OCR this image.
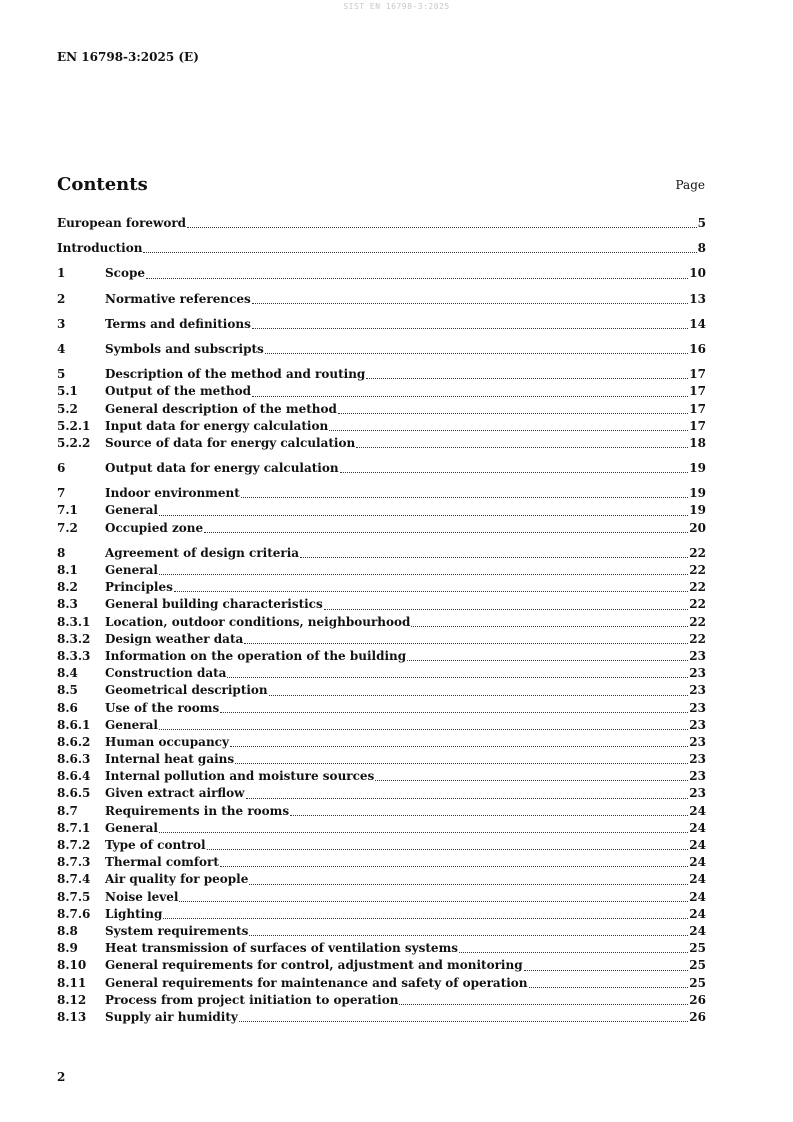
SIST EN 16798-3:2025
EN 16798-3:2025 (E)
Contents	Page
European foreword	5
Introduction	8
1	Scope	10
2	Normative references	13
3	Terms and definitions	14
4	Symbols and subscripts	16
5	Description of the method and routing	17
5.1	Output of the method	17
5.2	General description of the method	17
5.2.1	Input data for energy calculation	17
5.2.2	Source of data for energy calculation	18
6	Output data for energy calculation	19
7	Indoor environment	19
7.1	General	19
7.2	Occupied zone	20
8	Agreement of design criteria	22
8.1	General	22
8.2	Principles	22
8.3	General building characteristics	22
8.3.1	Location, outdoor conditions, neighbourhood	22
8.3.2	Design weather data	22
8.3.3	Information on the operation of the building	23
8.4	Construction data	23
8.5	Geometrical description	23
8.6	Use of the rooms	23
8.6.1	General	23
8.6.2	Human occupancy	23
8.6.3	Internal heat gains	23
8.6.4	Internal pollution and moisture sources	23
8.6.5	Given extract airflow	23
8.7	Requirements in the rooms	24
8.7.1	General	24
8.7.2	Type of control	24
8.7.3	Thermal comfort	24
8.7.4	Air quality for people	24
8.7.5	Noise level	24
8.7.6	Lighting	24
8.8	System requirements	24
8.9	Heat transmission of surfaces of ventilation systems	25
8.10	General requirements for control, adjustment and monitoring	25
8.11	General requirements for maintenance and safety of operation	25
8.12	Process from project initiation to operation	26
8.13	Supply air humidity	26
2
